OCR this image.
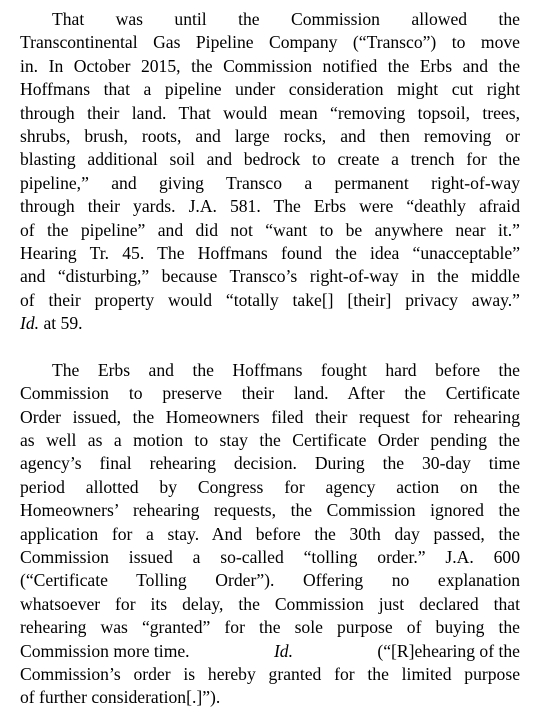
That was until the Commission allowed the
Transcontinental Gas Pipeline Company (“Transco”) to move
in. In October 2015, the Commission notified the Erbs and the
Hoffmans that a pipeline under consideration might cut right
through their land. That would mean “removing topsoil, trees,
shrubs, brush, roots, and large rocks, and then removing or
blasting additional soil and bedrock to create a trench for the
pipeline,” and giving Transco a permanent right-of-way
through their yards. J.A. 581. The Erbs were “deathly afraid
of the pipeline” and did not “want to be anywhere near it.”
Hearing Tr. 45. The Hoffmans found the idea “unacceptable”
and “disturbing,” because Transco’s right-of-way in the middle
of their property would “totally take[] [their] privacy away.”
Id. at 59.
The Erbs and the Hoffmans fought hard before the
Commission to preserve their land. After the Certificate
Order issued, the Homeowners filed their request for rehearing
as well as a motion to stay the Certificate Order pending the
agency’s final rehearing decision. During the 30-day time
period allotted by Congress for agency action on the
Homeowners’ rehearing requests, the Commission ignored the
application for a stay. And before the 30th day passed, the
Commission issued a so-called “tolling order.” J.A. 600
(“Certificate Tolling Order”). Offering no explanation
whatsoever for its delay, the Commission just declared that
rehearing was “granted” for the sole purpose of buying the
Commission more time.	Id.	(“[R]ehearing of the
Commission’s order is hereby granted for the limited purpose
of further consideration[.]”).
